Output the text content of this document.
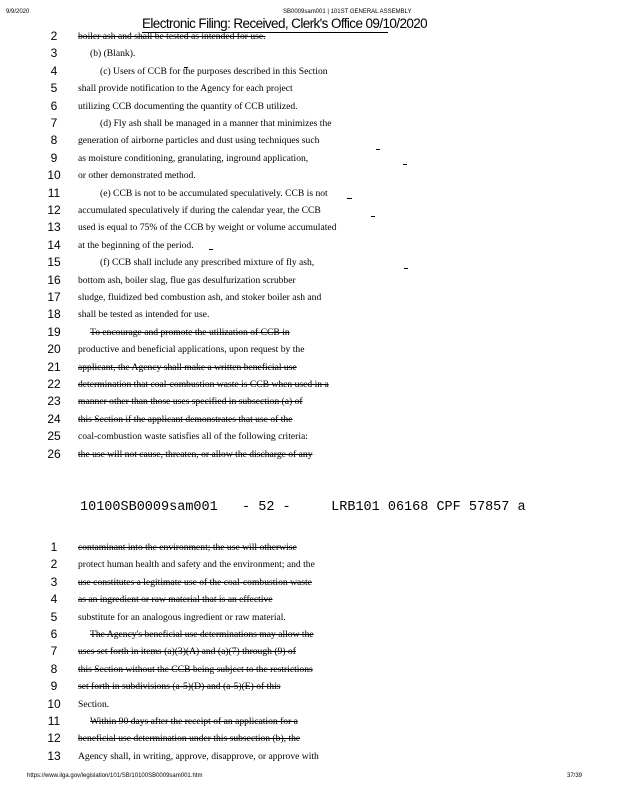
9/9/2020	SB0009sam001 | 101ST GENERAL ASSEMBLY
Electronic Filing: Received, Clerk's Office 09/10/2020
2	boiler ash and shall be tested as intended for use.
3	(b) (Blank).
4	(c) Users of CCB for the purposes described in this Section
5	shall provide notification to the Agency for each project
6	utilizing CCB documenting the quantity of CCB utilized.
7	(d) Fly ash shall be managed in a manner that minimizes the
8	generation of airborne particles and dust using techniques such
9	as moisture conditioning, granulating, inground application,
10	or other demonstrated method.
11	(e) CCB is not to be accumulated speculatively. CCB is not
12	accumulated speculatively if during the calendar year, the CCB
13	used is equal to 75% of the CCB by weight or volume accumulated
14	at the beginning of the period.
15	(f) CCB shall include any prescribed mixture of fly ash,
16	bottom ash, boiler slag, flue gas desulfurization scrubber
17	sludge, fluidized bed combustion ash, and stoker boiler ash and
18	shall be tested as intended for use.
19	To encourage and promote the utilization of CCB in
20	productive and beneficial applications, upon request by the
21	applicant, the Agency shall make a written beneficial use
22	determination that coal-combustion waste is CCB when used in a
23	manner other than those uses specified in subsection (a) of
24	this Section if the applicant demonstrates that use of the
25	coal-combustion waste satisfies all of the following criteria:
26	the use will not cause, threaten, or allow the discharge of any
10100SB0009sam001   - 52 -     LRB101 06168 CPF 57857 a
1	contaminant into the environment; the use will otherwise
2	protect human health and safety and the environment; and the
3	use constitutes a legitimate use of the coal-combustion waste
4	as an ingredient or raw material that is an effective
5	substitute for an analogous ingredient or raw material.
6	The Agency's beneficial use determinations may allow the
7	uses set forth in items (a)(3)(A) and (a)(7) through (9) of
8	this Section without the CCB being subject to the restrictions
9	set forth in subdivisions (a-5)(D) and (a-5)(E) of this
10	Section.
11	Within 90 days after the receipt of an application for a
12	beneficial use determination under this subsection (b), the
13	Agency shall, in writing, approve, disapprove, or approve with
https://www.ilga.gov/legislation/101/SB/10100SB0009sam001.htm	37/39
